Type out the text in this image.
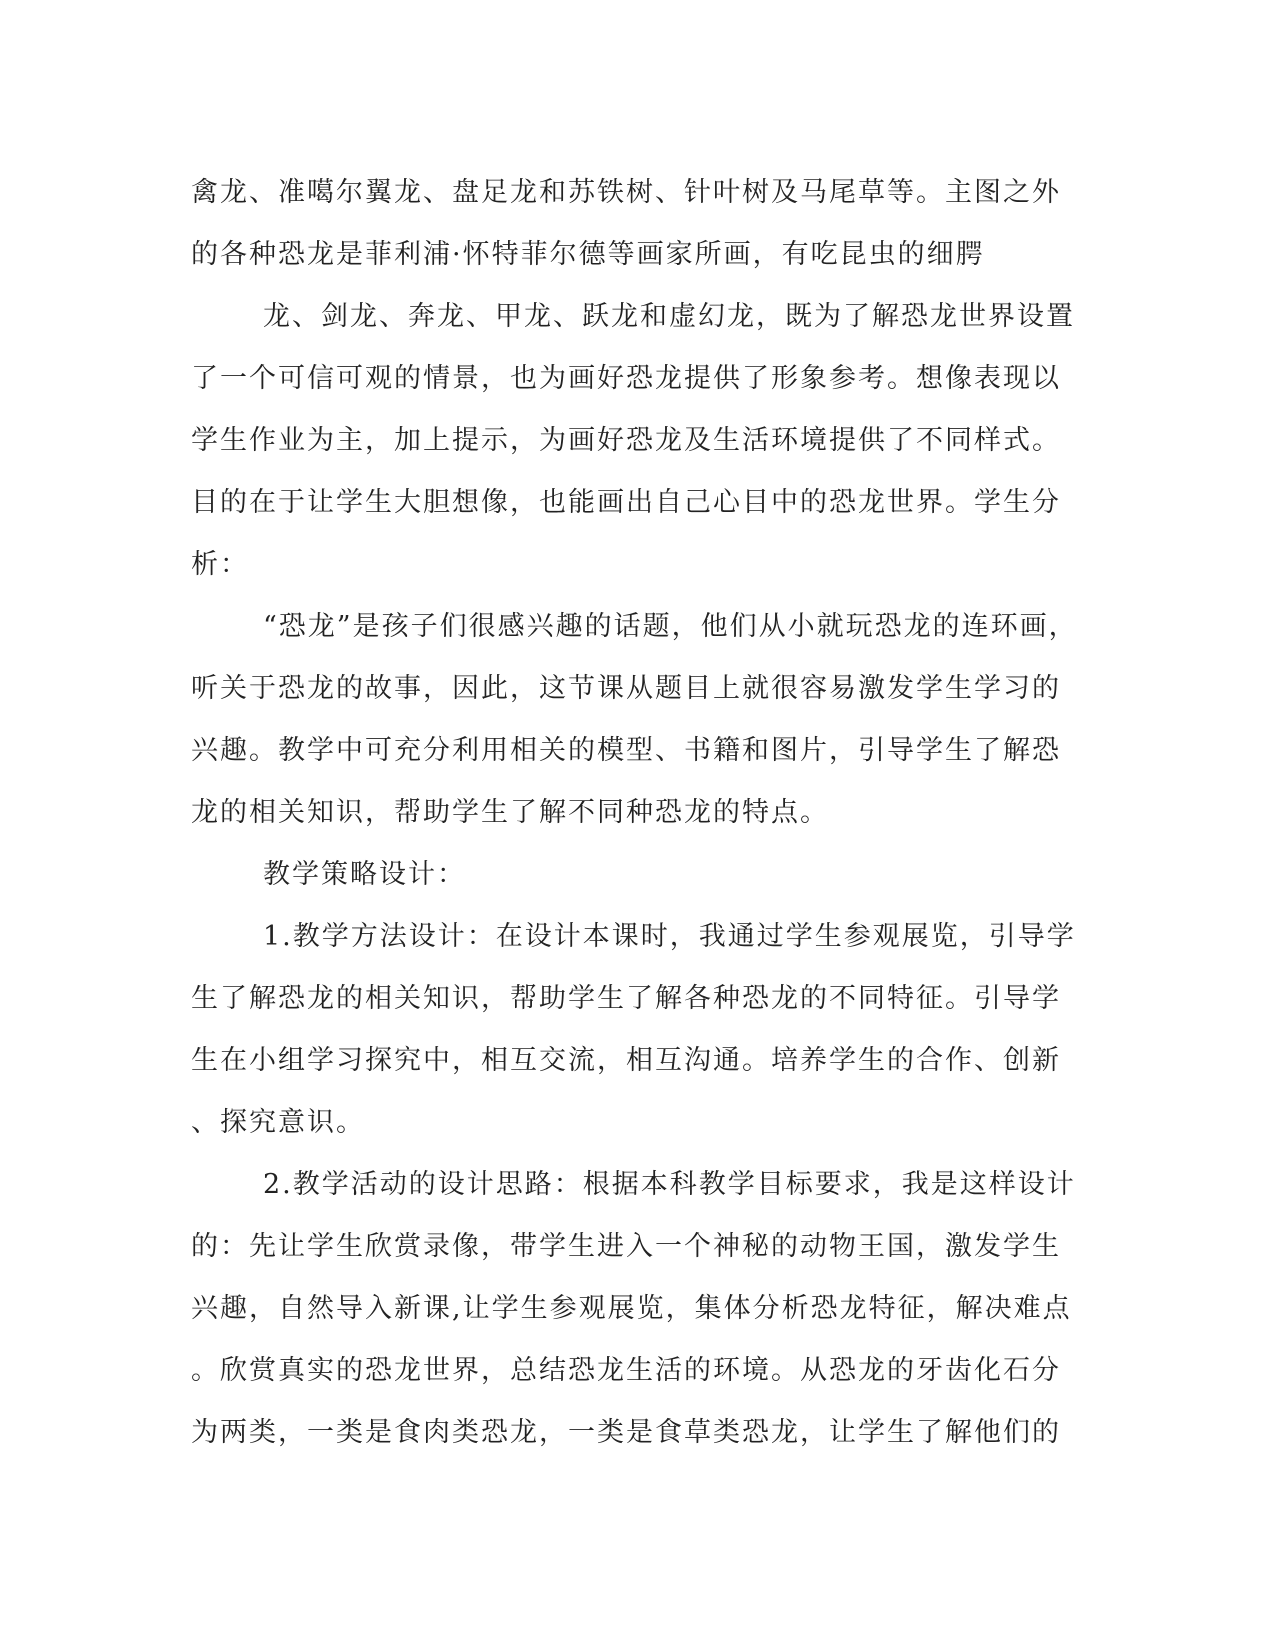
禽龙、准噶尔翼龙、盘足龙和苏铁树、针叶树及马尾草等。主图之外
的各种恐龙是菲利浦·怀特菲尔德等画家所画，有吃昆虫的细腭
龙、剑龙、奔龙、甲龙、跃龙和虚幻龙，既为了解恐龙世界设置
了一个可信可观的情景，也为画好恐龙提供了形象参考。想像表现以
学生作业为主，加上提示，为画好恐龙及生活环境提供了不同样式。
目的在于让学生大胆想像，也能画出自己心目中的恐龙世界。学生分
析：
“恐龙”是孩子们很感兴趣的话题，他们从小就玩恐龙的连环画，
听关于恐龙的故事，因此，这节课从题目上就很容易激发学生学习的
兴趣。教学中可充分利用相关的模型、书籍和图片，引导学生了解恐
龙的相关知识，帮助学生了解不同种恐龙的特点。
教学策略设计：
1.教学方法设计：在设计本课时，我通过学生参观展览，引导学
生了解恐龙的相关知识，帮助学生了解各种恐龙的不同特征。引导学
生在小组学习探究中，相互交流，相互沟通。培养学生的合作、创新
、探究意识。
2.教学活动的设计思路：根据本科教学目标要求，我是这样设计
的：先让学生欣赏录像，带学生进入一个神秘的动物王国，激发学生
兴趣，自然导入新课,让学生参观展览，集体分析恐龙特征，解决难点
。欣赏真实的恐龙世界，总结恐龙生活的环境。从恐龙的牙齿化石分
为两类，一类是食肉类恐龙，一类是食草类恐龙，让学生了解他们的
